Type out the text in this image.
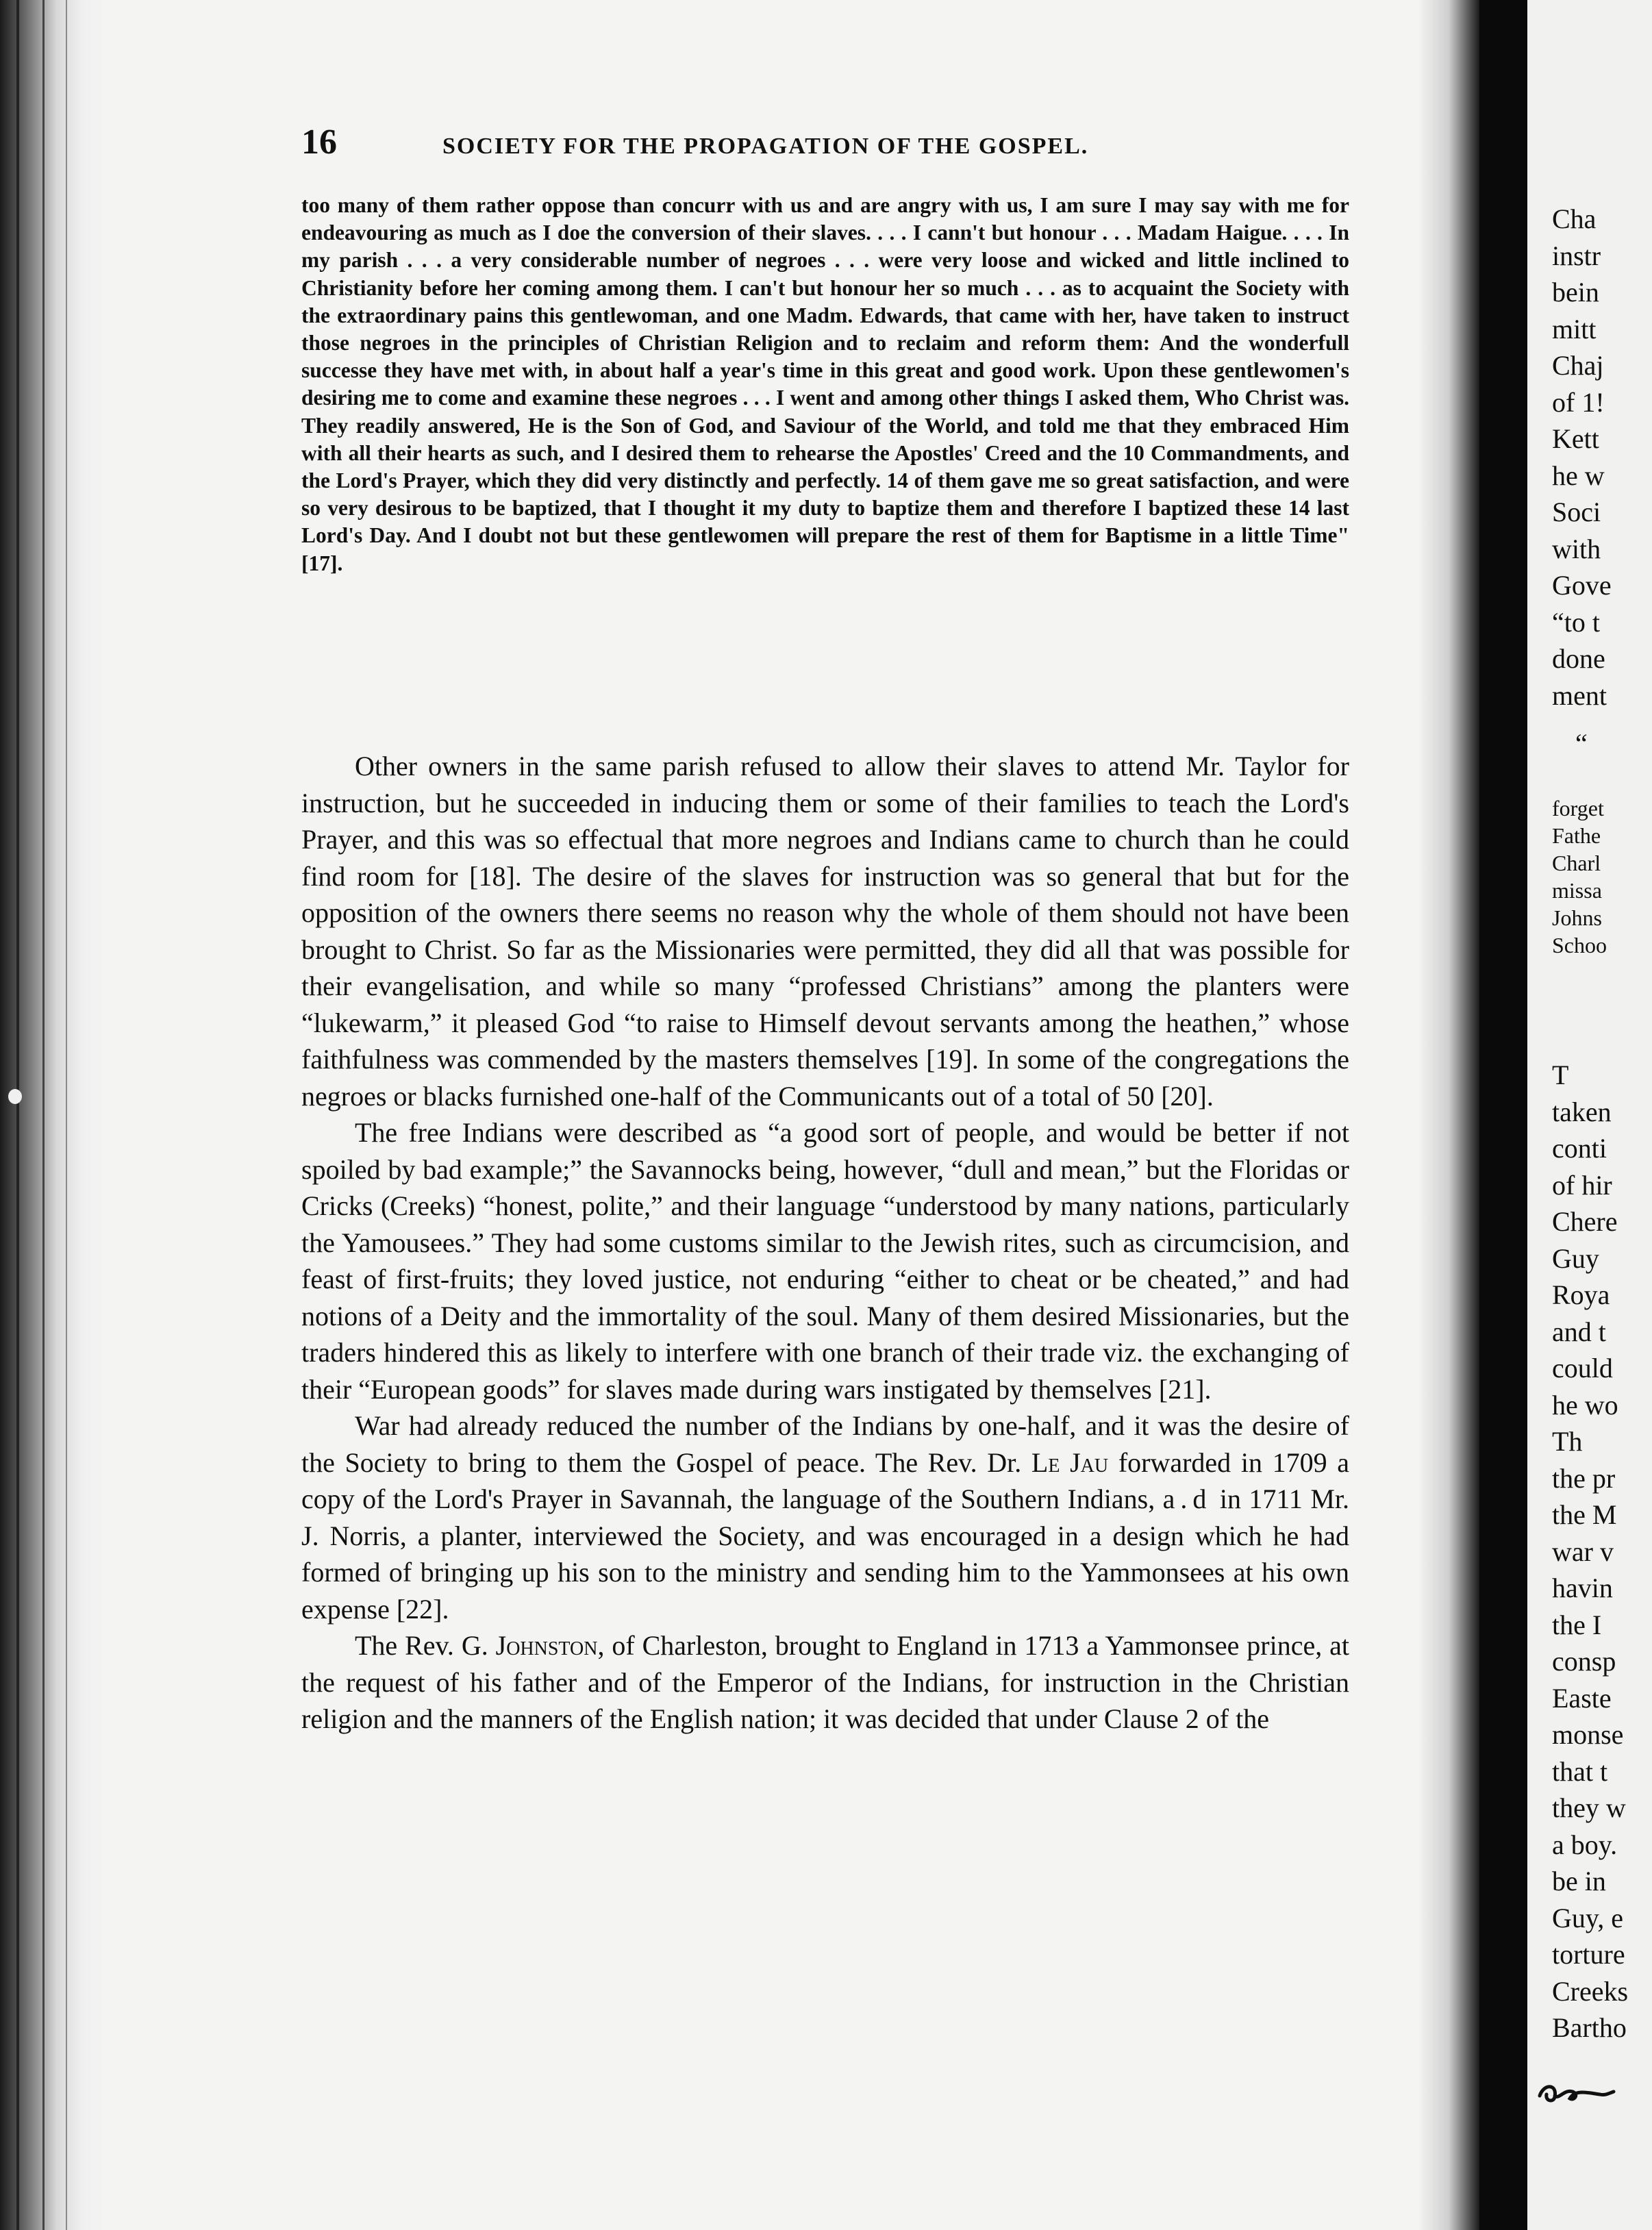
16	SOCIETY FOR THE PROPAGATION OF THE GOSPEL.
too many of them rather oppose than concurr with us and are angry with us, I am sure I may say with me for endeavouring as much as I doe the conversion of their slaves. . . . I cann't but honour . . . Madam Haigue. . . . In my parish . . . a very considerable number of negroes . . . were very loose and wicked and little inclined to Christianity before her coming among them. I can't but honour her so much . . . as to acquaint the Society with the extraordinary pains this gentlewoman, and one Madm. Edwards, that came with her, have taken to instruct those negroes in the principles of Christian Religion and to reclaim and reform them: And the wonderfull successe they have met with, in about half a year's time in this great and good work. Upon these gentlewomen's desiring me to come and examine these negroes . . . I went and among other things I asked them, Who Christ was. They readily answered, He is the Son of God, and Saviour of the World, and told me that they embraced Him with all their hearts as such, and I desired them to rehearse the Apostles' Creed and the 10 Commandments, and the Lord's Prayer, which they did very distinctly and perfectly. 14 of them gave me so great satisfaction, and were so very desirous to be baptized, that I thought it my duty to baptize them and therefore I baptized these 14 last Lord's Day. And I doubt not but these gentlewomen will prepare the rest of them for Baptisme in a little Time" [17].

Other owners in the same parish refused to allow their slaves to attend Mr. Taylor for instruction, but he succeeded in inducing them or some of their families to teach the Lord's Prayer, and this was so effectual that more negroes and Indians came to church than he could find room for [18]. The desire of the slaves for instruction was so general that but for the opposition of the owners there seems no reason why the whole of them should not have been brought to Christ. So far as the Missionaries were permitted, they did all that was possible for their evangelisation, and while so many “professed Christians” among the planters were “lukewarm,” it pleased God “to raise to Himself devout servants among the heathen,” whose faithfulness was commended by the masters themselves [19]. In some of the congregations the negroes or blacks furnished one-half of the Communicants out of a total of 50 [20].

The free Indians were described as “a good sort of people, and would be better if not spoiled by bad example;” the Savannocks being, however, “dull and mean,” but the Floridas or Cricks (Creeks) “honest, polite,” and their language “understood by many nations, particularly the Yamousees.” They had some customs similar to the Jewish rites, such as circumcision, and feast of first-fruits; they loved justice, not enduring “either to cheat or be cheated,” and had notions of a Deity and the immortality of the soul. Many of them desired Missionaries, but the traders hindered this as likely to interfere with one branch of their trade viz. the exchanging of their “European goods” for slaves made during wars instigated by themselves [21].

War had already reduced the number of the Indians by one-half, and it was the desire of the Society to bring to them the Gospel of peace. The Rev. Dr. Le Jau forwarded in 1709 a copy of the Lord's Prayer in Savannah, the language of the Southern Indians, a . d  in 1711 Mr. J. Norris, a planter, interviewed the Society, and was encouraged in a design which he had formed of bringing up his son to the ministry and sending him to the Yammonsees at his own expense [22].

The Rev. G. Johnston, of Charleston, brought to England in 1713 a Yammonsee prince, at the request of his father and of the Emperor of the Indians, for instruction in the Christian religion and the manners of the English nation; it was decided that under Clause 2 of the

Cha
instr
bein
mitt
Chaj
of 1!
Kett
he w
Soci
with
Gove
“to t
done
ment
“
forget
Fathe
Charl
missa
Johns
Schoo
T
taken
conti
of hir
Chere
Guy
Roya
and t
could
he wo
Th
the pr
the M
war v
havin
the I
consp
Easte
monse
that t
they w
a boy.
be in
Guy, e
torture
Creeks
Bartho
